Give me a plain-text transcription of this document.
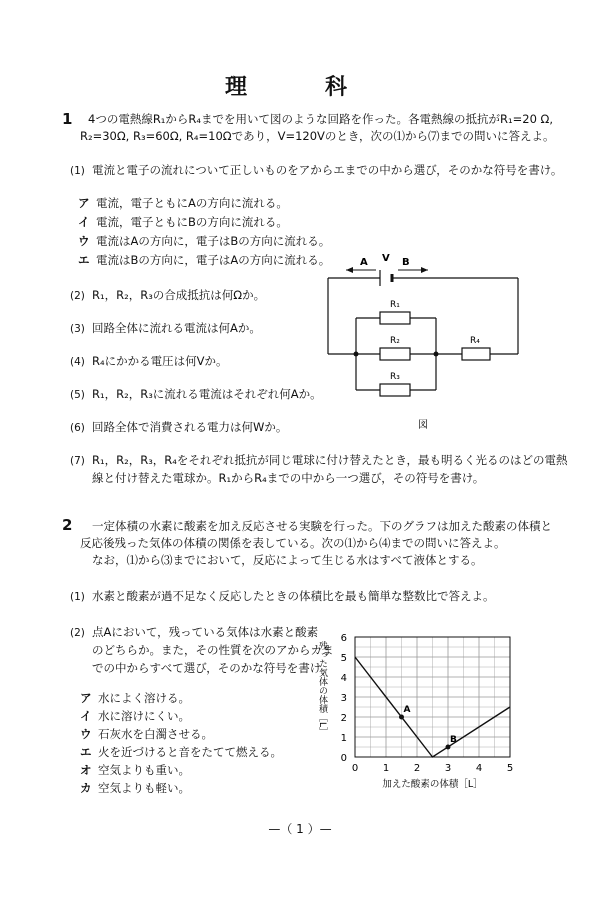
理　科
1 4つの電熱線R₁からR₄までを用いて図のような回路を作った。各電熱線の抵抗がR₁=20 Ω,
R₂=30Ω, R₃=60Ω, R₄=10Ωであり，V=120Vのとき，次の⑴から⑺までの問いに答えよ。
(1) 電流と電子の流れについて正しいものをアからエまでの中から選び，そのかな符号を書け。
ア 電流，電子ともにAの方向に流れる。
イ 電流，電子ともにBの方向に流れる。
ウ 電流はAの方向に，電子はBの方向に流れる。
エ 電流はBの方向に，電子はAの方向に流れる。
(2) R₁，R₂，R₃の合成抵抗は何Ωか。
(3) 回路全体に流れる電流は何Aか。
(4) R₄にかかる電圧は何Vか。
(5) R₁，R₂，R₃に流れる電流はそれぞれ何Aか。
(6) 回路全体で消費される電力は何Wか。
(7) R₁，R₂，R₃，R₄をそれぞれ抵抗が同じ電球に付け替えたとき，最も明るく光るのはどの電熱
線と付け替えた電球か。R₁からR₄までの中から一つ選び，その符号を書け。
A V B
R₁
R₂
R₃
R₄
図
2 一定体積の水素に酸素を加え反応させる実験を行った。下のグラフは加えた酸素の体積と
反応後残った気体の体積の関係を表している。次の⑴から⑷までの問いに答えよ。
なお，⑴から⑶までにおいて，反応によって生じる水はすべて液体とする。
(1) 水素と酸素が過不足なく反応したときの体積比を最も簡単な整数比で答えよ。
(2) 点Aにおいて，残っている気体は水素と酸素
のどちらか。また，その性質を次のアからカま
での中からすべて選び，そのかな符号を書け。
ア 水によく溶ける。
イ 水に溶けにくい。
ウ 石灰水を白濁させる。
エ 火を近づけると音をたてて燃える。
オ 空気よりも重い。
カ 空気よりも軽い。
0 1 2 3 4 5
0
1
2
3
4
5
6
A
B
残った気体の体積［L］
加えた酸素の体積［L］
—（ 1 ）—
